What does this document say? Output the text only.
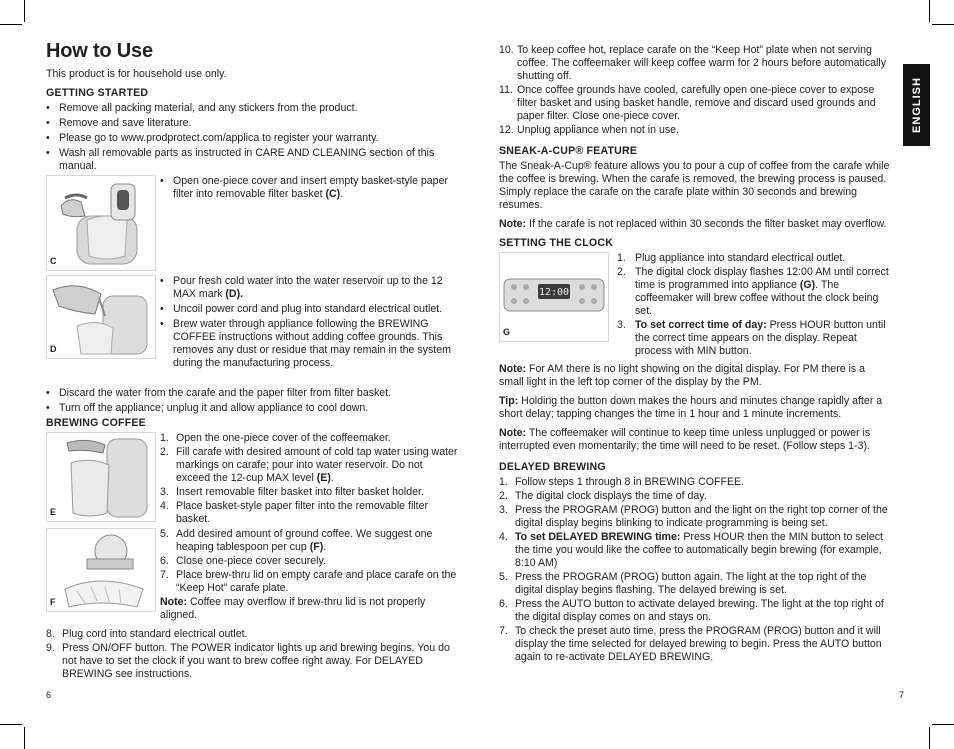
ENGLISH
How to Use
This product is for household use only.
GETTING STARTED
• Remove all packing material, and any stickers from the product.
• Remove and save literature.
• Please go to www.prodprotect.com/applica to register your warranty.
• Wash all removable parts as instructed in CARE AND CLEANING section of this manual.
C
• Open one-piece cover and insert empty basket-style paper filter into removable filter basket (C).
D
• Pour fresh cold water into the water reservoir up to the 12 MAX mark (D).
• Uncoil power cord and plug into standard electrical outlet.
• Brew water through appliance following the BREWING COFFEE instructions without adding coffee grounds. This removes any dust or residue that may remain in the system during the manufacturing process.
• Discard the water from the carafe and the paper filter from filter basket.
• Turn off the appliance; unplug it and allow appliance to cool down.
BREWING COFFEE
E
1. Open the one-piece cover of the coffeemaker.
2. Fill carafe with desired amount of cold tap water using water markings on carafe; pour into water reservoir. Do not exceed the 12-cup MAX level (E).
3. Insert removable filter basket into filter basket holder.
4. Place basket-style paper filter into the removable filter basket.
F
5. Add desired amount of ground coffee. We suggest one heaping tablespoon per cup (F).
6. Close one-piece cover securely.
7. Place brew-thru lid on empty carafe and place carafe on the “Keep Hot” carafe plate.
Note: Coffee may overflow if brew-thru lid is not properly aligned.
8. Plug cord into standard electrical outlet.
9. Press ON/OFF button. The POWER indicator lights up and brewing begins. You do not have to set the clock if you want to brew coffee right away. For DELAYED BREWING see instructions.
6
10. To keep coffee hot, replace carafe on the “Keep Hot” plate when not serving coffee. The coffeemaker will keep coffee warm for 2 hours before automatically shutting off.
11. Once coffee grounds have cooled, carefully open one-piece cover to expose filter basket and using basket handle, remove and discard used grounds and paper filter. Close one-piece cover.
12. Unplug appliance when not in use.
SNEAK-A-CUP® FEATURE
The Sneak-A-Cup® feature allows you to pour a cup of coffee from the carafe while the coffee is brewing. When the carafe is removed, the brewing process is paused. Simply replace the carafe on the carafe plate within 30 seconds and brewing resumes.
Note: If the carafe is not replaced within 30 seconds the filter basket may overflow.
SETTING THE CLOCK
12:00
G
1. Plug appliance into standard electrical outlet.
2. The digital clock display flashes 12:00 AM until correct time is programmed into appliance (G). The coffeemaker will brew coffee without the clock being set.
3. To set correct time of day: Press HOUR button until the correct time appears on the display. Repeat process with MIN button.
Note: For AM there is no light showing on the digital display. For PM there is a small light in the left top corner of the display by the PM.
Tip: Holding the button down makes the hours and minutes change rapidly after a short delay; tapping changes the time in 1 hour and 1 minute increments.
Note: The coffeemaker will continue to keep time unless unplugged or power is interrupted even momentarily; the time will need to be reset. (Follow steps 1-3).
DELAYED BREWING
1. Follow steps 1 through 8 in BREWING COFFEE.
2. The digital clock displays the time of day.
3. Press the PROGRAM (PROG) button and the light on the right top corner of the digital display begins blinking to indicate programming is being set.
4. To set DELAYED BREWING time: Press HOUR then the MIN button to select the time you would like the coffee to automatically begin brewing (for example, 8:10 AM)
5. Press the PROGRAM (PROG) button again. The light at the top right of the digital display begins flashing. The delayed brewing is set.
6. Press the AUTO button to activate delayed brewing. The light at the top right of the digital display comes on and stays on.
7. To check the preset auto time, press the PROGRAM (PROG) button and it will display the time selected for delayed brewing to begin. Press the AUTO button again to re-activate DELAYED BREWING.
7
